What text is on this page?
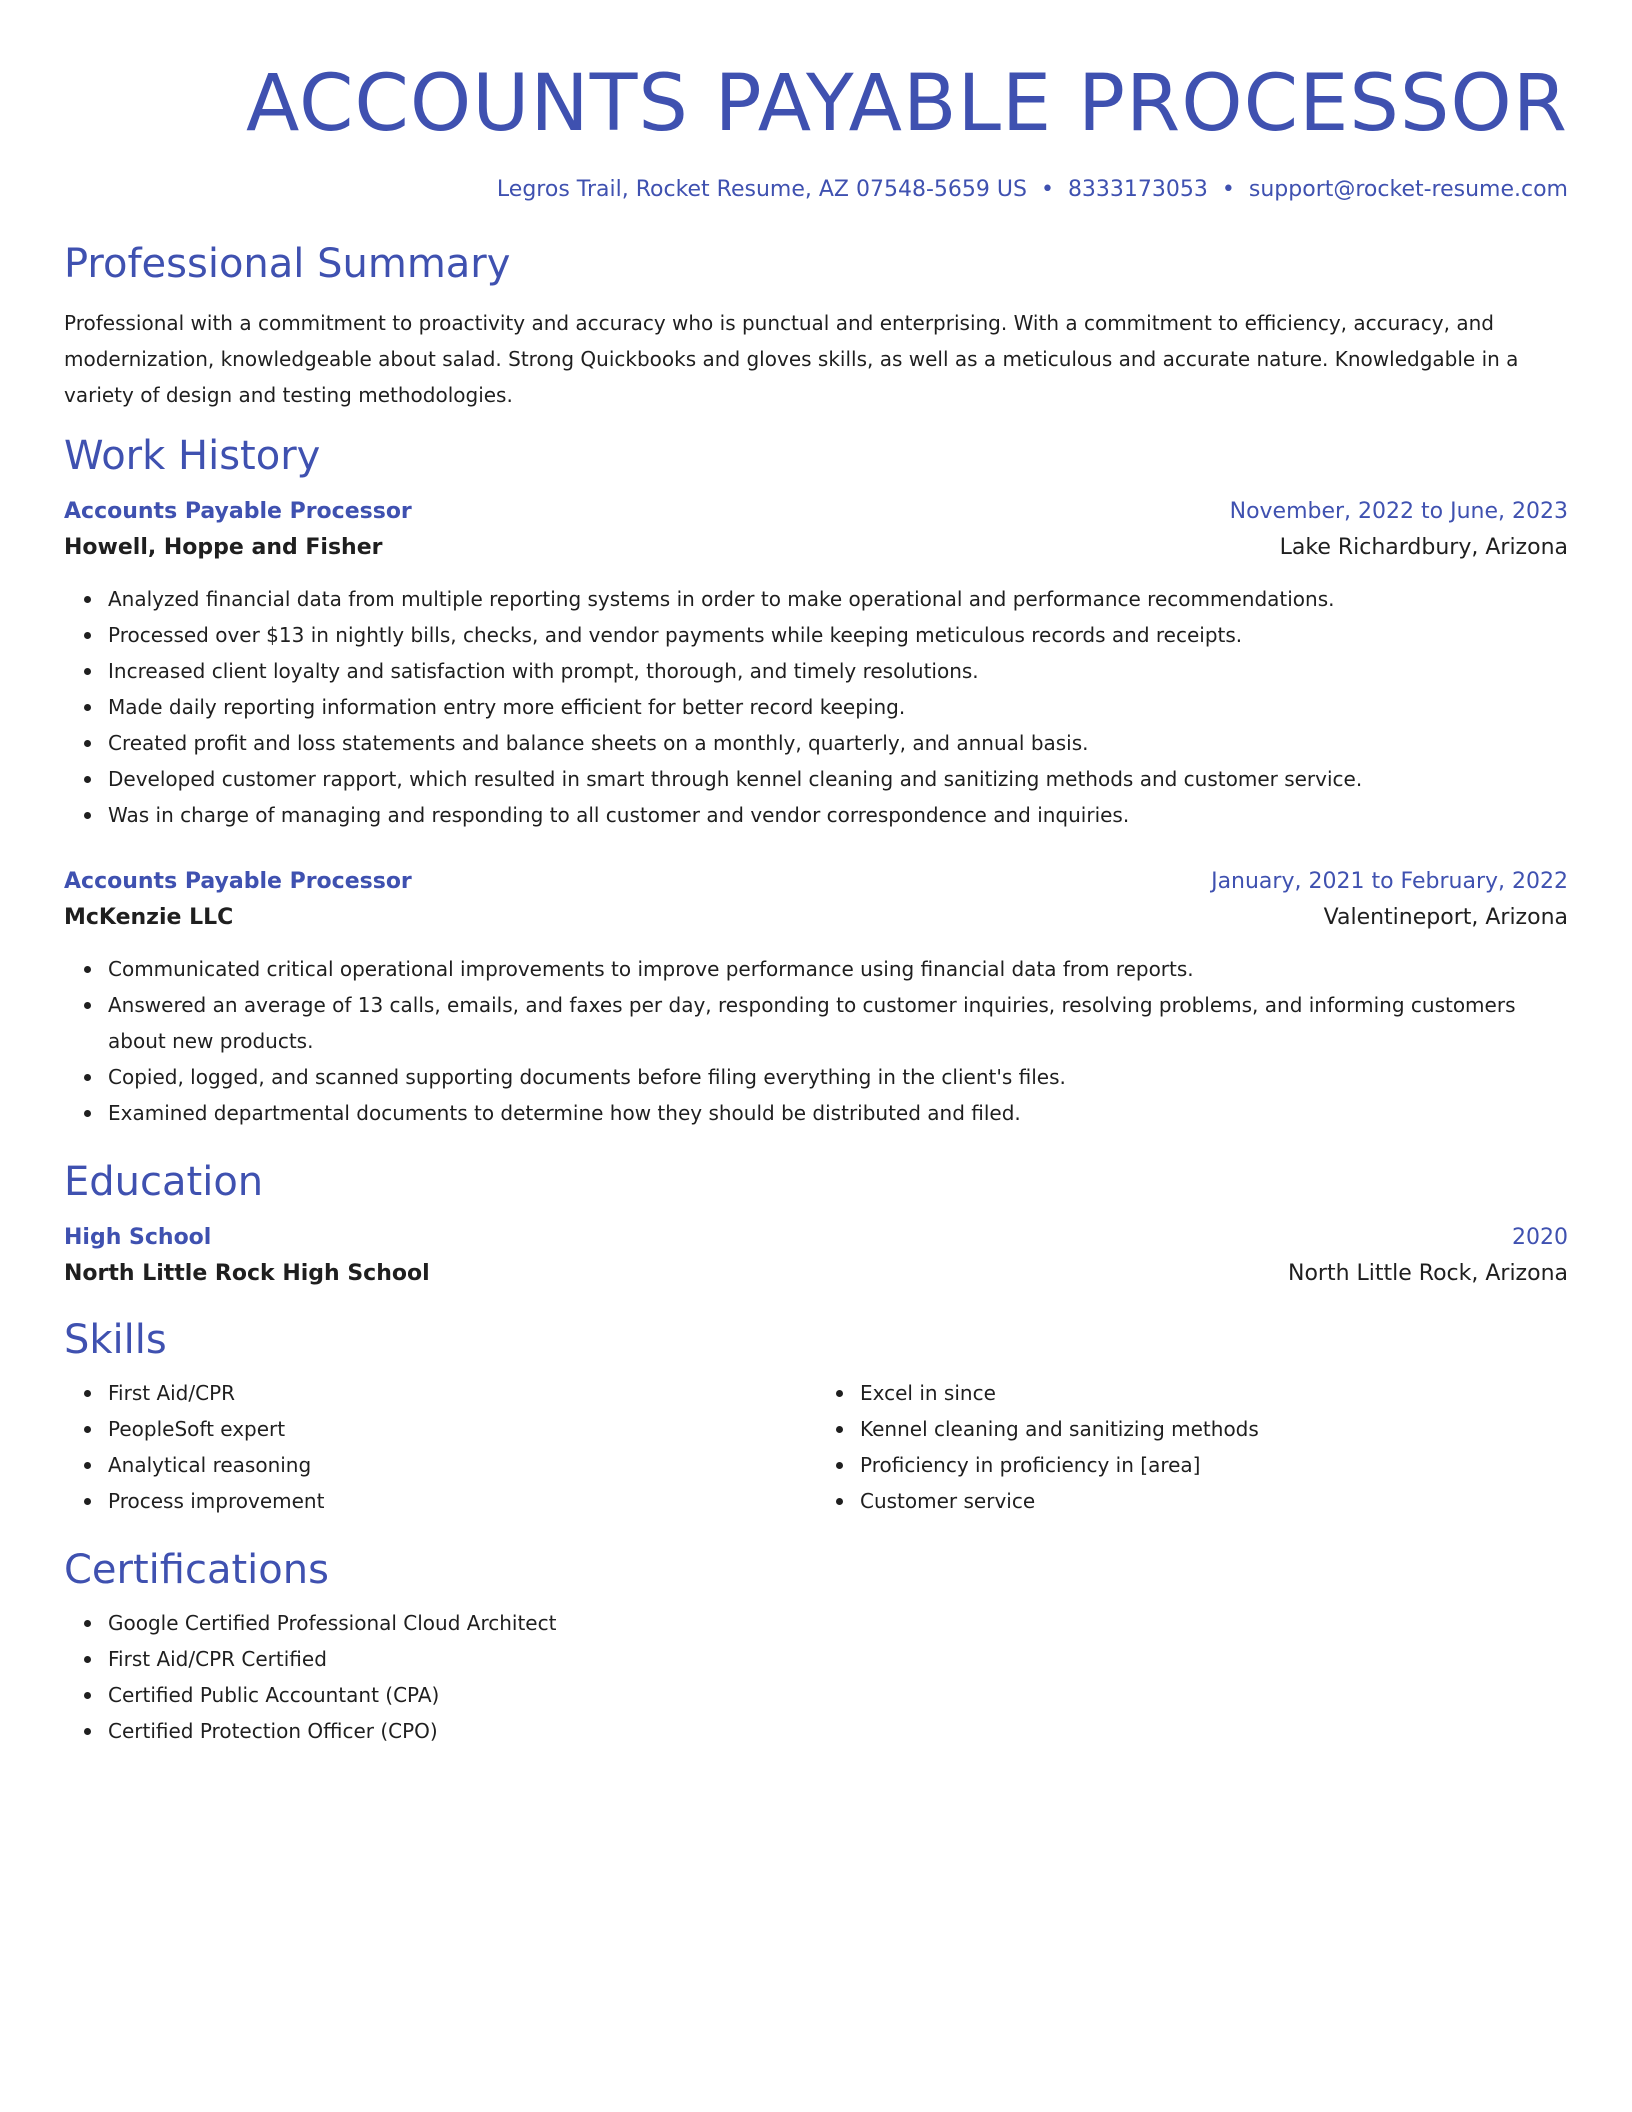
ACCOUNTS PAYABLE PROCESSOR
Legros Trail, Rocket Resume, AZ 07548-5659 US • 8333173053 • support@rocket-resume.com
Professional Summary

Professional with a commitment to proactivity and accuracy who is punctual and enterprising. With a commitment to efficiency, accuracy, and modernization, knowledgeable about salad. Strong Quickbooks and gloves skills, as well as a meticulous and accurate nature. Knowledgable in a variety of design and testing methodologies.

Work History
Accounts Payable Processor	November, 2022 to June, 2023
Howell, Hoppe and Fisher	Lake Richardbury, Arizona
Analyzed financial data from multiple reporting systems in order to make operational and performance recommendations.
Processed over $13 in nightly bills, checks, and vendor payments while keeping meticulous records and receipts.
Increased client loyalty and satisfaction with prompt, thorough, and timely resolutions.
Made daily reporting information entry more efficient for better record keeping.
Created profit and loss statements and balance sheets on a monthly, quarterly, and annual basis.
Developed customer rapport, which resulted in smart through kennel cleaning and sanitizing methods and customer service.
Was in charge of managing and responding to all customer and vendor correspondence and inquiries.
Accounts Payable Processor	January, 2021 to February, 2022
McKenzie LLC	Valentineport, Arizona
Communicated critical operational improvements to improve performance using financial data from reports.
Answered an average of 13 calls, emails, and faxes per day, responding to customer inquiries, resolving problems, and informing customers about new products.
Copied, logged, and scanned supporting documents before filing everything in the client's files.
Examined departmental documents to determine how they should be distributed and filed.
Education
High School	2020
North Little Rock High School	North Little Rock, Arizona
Skills
First Aid/CPR
PeopleSoft expert
Analytical reasoning
Process improvement
Excel in since
Kennel cleaning and sanitizing methods
Proficiency in proficiency in [area]
Customer service
Certifications
Google Certified Professional Cloud Architect
First Aid/CPR Certified
Certified Public Accountant (CPA)
Certified Protection Officer (CPO)
